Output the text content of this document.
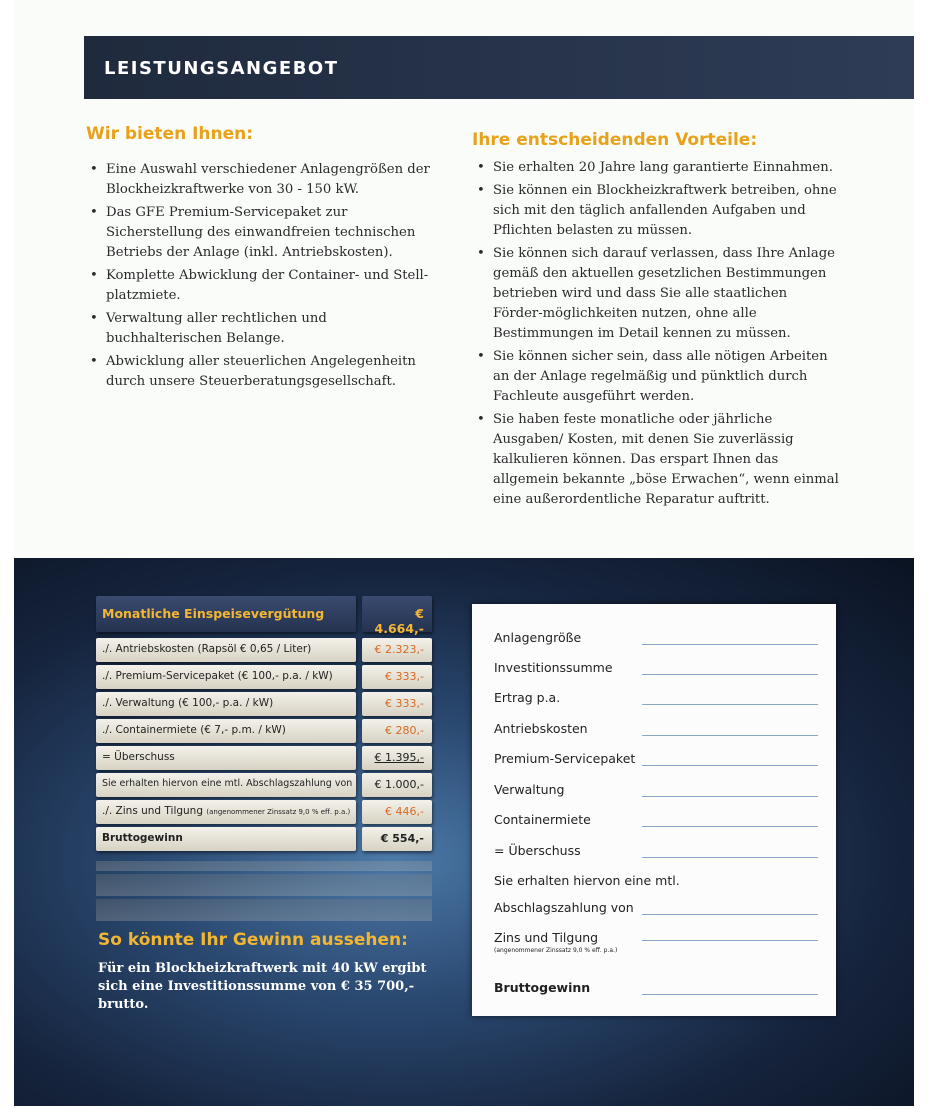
LEISTUNGSANGEBOT
Wir bieten Ihnen:
• Eine Auswahl verschiedener Anlagengrößen der Blockheizkraftwerke von 30 - 150 kW.
• Das GFE Premium-Servicepaket zur Sicherstellung des einwandfreien technischen Betriebs der Anlage (inkl. Antriebskosten).
• Komplette Abwicklung der Container- und Stell-platzmiete.
• Verwaltung aller rechtlichen und buchhalterischen Belange.
• Abwicklung aller steuerlichen Angelegenheitn durch unsere Steuerberatungsgesellschaft.
Ihre entscheidenden Vorteile:
• Sie erhalten 20 Jahre lang garantierte Einnahmen.
• Sie können ein Blockheizkraftwerk betreiben, ohne sich mit den täglich anfallenden Aufgaben und Pflichten belasten zu müssen.
• Sie können sich darauf verlassen, dass Ihre Anlage gemäß den aktuellen gesetzlichen Bestimmungen betrieben wird und dass Sie alle staatlichen Förder-möglichkeiten nutzen, ohne alle Bestimmungen im Detail kennen zu müssen.
• Sie können sicher sein, dass alle nötigen Arbeiten an der Anlage regelmäßig und pünktlich durch Fachleute ausgeführt werden.
• Sie haben feste monatliche oder jährliche Ausgaben/ Kosten, mit denen Sie zuverlässig kalkulieren können. Das erspart Ihnen das allgemein bekannte „böse Erwachen“, wenn einmal eine außerordentliche Reparatur auftritt.
Monatliche Einspeisevergütung	€ 4.664,-
./. Antriebskosten (Rapsöl € 0,65 / Liter)	€ 2.323,-
./. Premium-Servicepaket (€ 100,- p.a. / kW)	€ 333,-
./. Verwaltung (€ 100,- p.a. / kW)	€ 333,-
./. Containermiete (€ 7,- p.m. / kW)	€ 280,-
= Überschuss	€ 1.395,-
Sie erhalten hiervon eine mtl. Abschlagszahlung von	€ 1.000,-
./. Zins und Tilgung (angenommener Zinssatz 9,0 % eff. p.a.)	€ 446,-
Bruttogewinn	€ 554,-
So könnte Ihr Gewinn aussehen:
Für ein Blockheizkraftwerk mit 40 kW ergibt sich eine Investitionssumme von € 35 700,- brutto.
Anlagengröße
Investitionssumme
Ertrag p.a.
Antriebskosten
Premium-Servicepaket
Verwaltung
Containermiete
= Überschuss
Sie erhalten hiervon eine mtl.
Abschlagszahlung von
Zins und Tilgung
(angenommener Zinssatz 9,0 % eff. p.a.)
Bruttogewinn
